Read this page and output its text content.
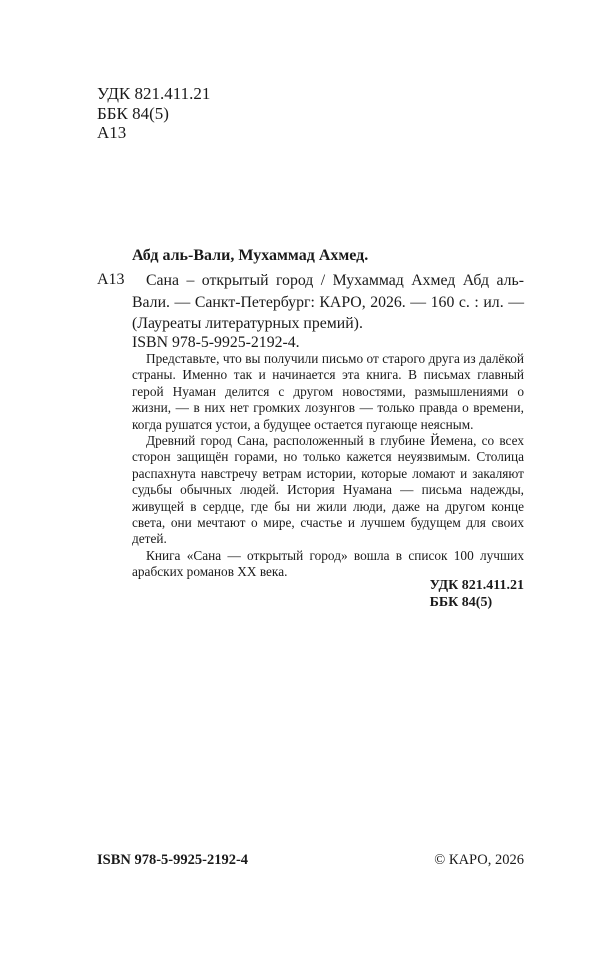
УДК 821.411.21
ББК 84(5)
А13
Абд аль-Вали, Мухаммад Ахмед.
А13	Сана – открытый город / Мухаммад Ахмед Абд аль-Вали. — Санкт-Петербург: КАРО, 2026. — 160 с. : ил. — (Лауреаты литературных премий).
ISBN 978-5-9925-2192-4.

Представьте, что вы получили письмо от старого друга из далёкой страны. Именно так и начинается эта книга. В письмах главный герой Нуаман делится с другом новостями, размышлениями о жизни, — в них нет громких лозунгов — только правда о времени, когда рушатся устои, а будущее остается пугающе неясным.

Древний город Сана, расположенный в глубине Йемена, со всех сторон защищён горами, но только кажется неуязвимым. Столица распахнута навстречу ветрам истории, которые ломают и закаляют судьбы обычных людей. История Нуамана — письма надежды, живущей в сердце, где бы ни жили люди, даже на другом конце света, они мечтают о мире, счастье и лучшем будущем для своих детей.

Книга «Сана — открытый город» вошла в список 100 лучших арабских романов XX века.

УДК 821.411.21
ББК 84(5)
ISBN 978-5-9925-2192-4	© КАРО, 2026
